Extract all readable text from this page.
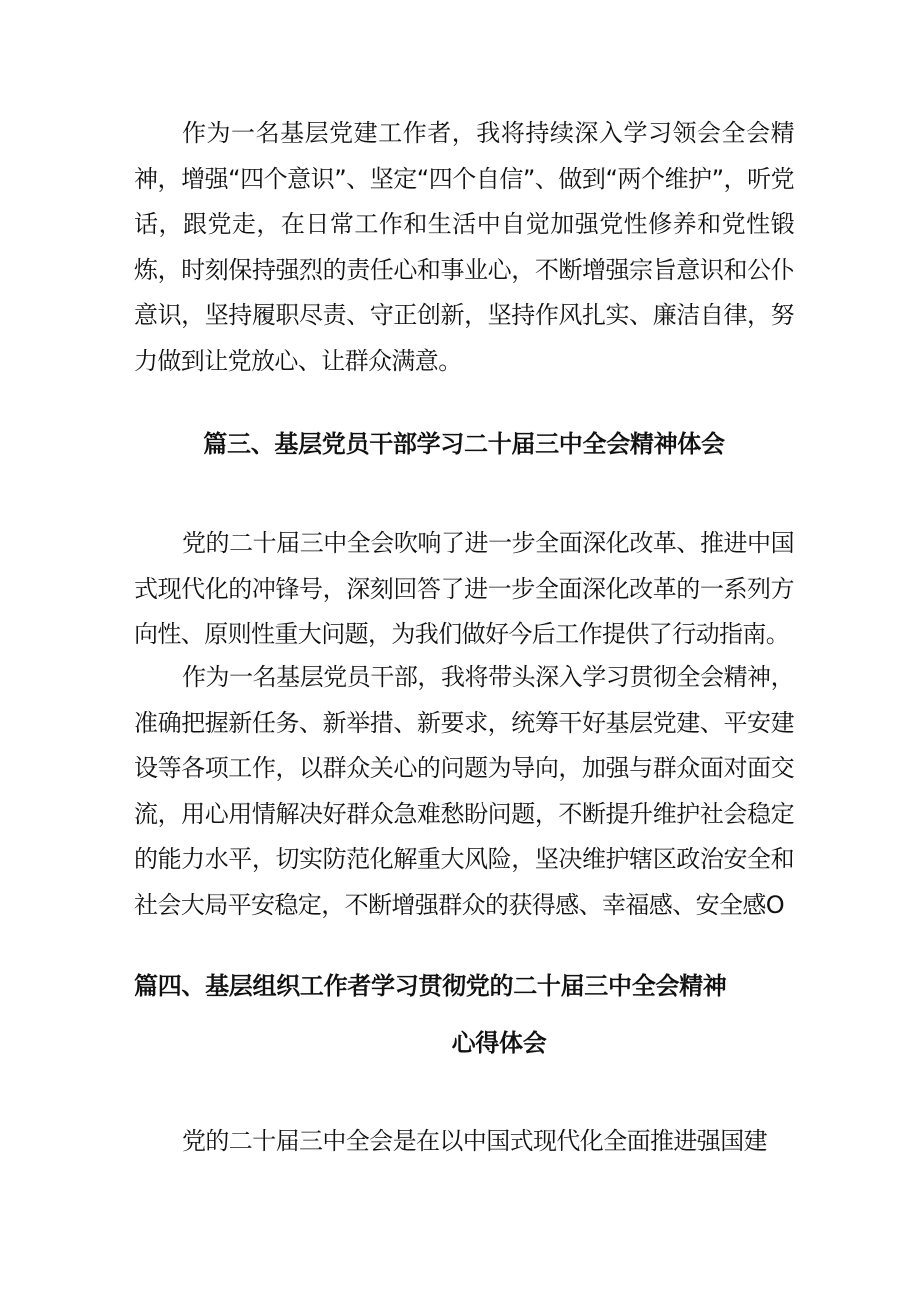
作为一名基层党建工作者，我将持续深入学习领会全会精神，增强“四个意识”、坚定“四个自信”、做到“两个维护”，听党话，跟党走，在日常工作和生活中自觉加强党性修养和党性锻炼，时刻保持强烈的责任心和事业心，不断增强宗旨意识和公仆意识，坚持履职尽责、守正创新，坚持作风扎实、廉洁自律，努力做到让党放心、让群众满意。

篇三、基层党员干部学习二十届三中全会精神体会

党的二十届三中全会吹响了进一步全面深化改革、推进中国式现代化的冲锋号，深刻回答了进一步全面深化改革的一系列方向性、原则性重大问题，为我们做好今后工作提供了行动指南。

作为一名基层党员干部，我将带头深入学习贯彻全会精神，准确把握新任务、新举措、新要求，统筹干好基层党建、平安建设等各项工作，以群众关心的问题为导向，加强与群众面对面交流，用心用情解决好群众急难愁盼问题，不断提升维护社会稳定的能力水平，切实防范化解重大风险，坚决维护辖区政治安全和社会大局平安稳定，不断增强群众的获得感、幸福感、安全感O

篇四、基层组织工作者学习贯彻党的二十届三中全会精神
心得体会

党的二十届三中全会是在以中国式现代化全面推进强国建
